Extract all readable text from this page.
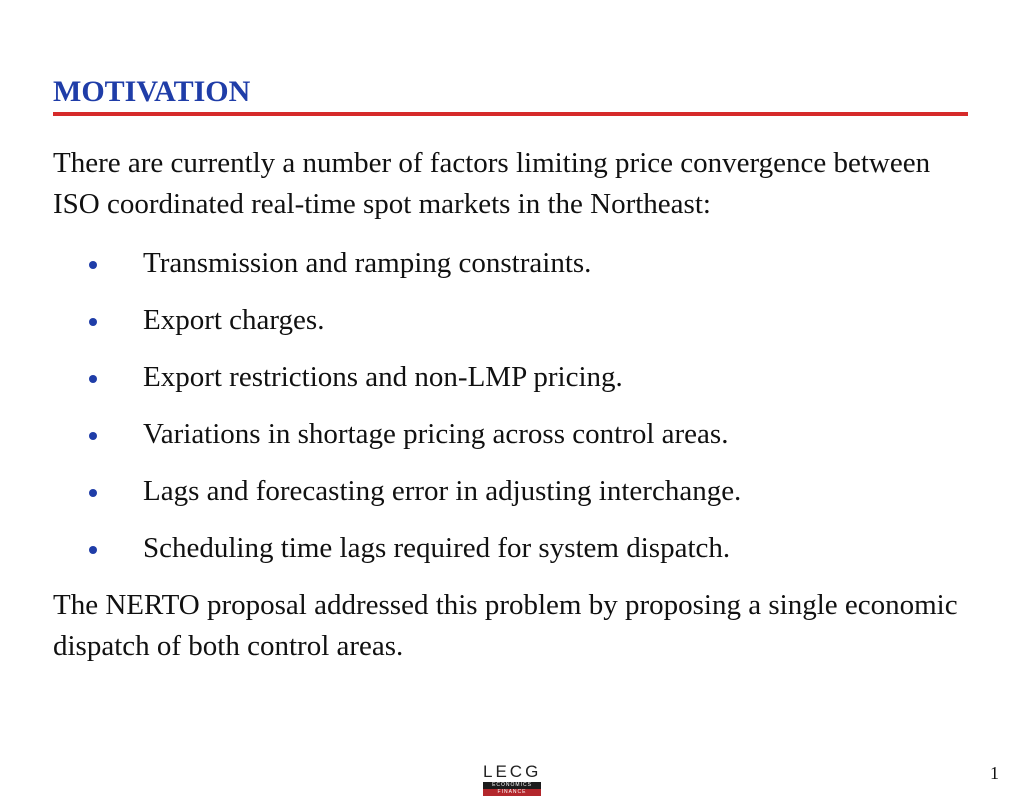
MOTIVATION

There are currently a number of factors limiting price convergence between ISO coordinated real-time spot markets in the Northeast:

Transmission and ramping constraints.
Export charges.
Export restrictions and non-LMP pricing.
Variations in shortage pricing across control areas.
Lags and forecasting error in adjusting interchange.
Scheduling time lags required for system dispatch.

The NERTO proposal addressed this problem by proposing a single economic dispatch of both control areas.

LECG
ECONOMICS
FINANCE
1
